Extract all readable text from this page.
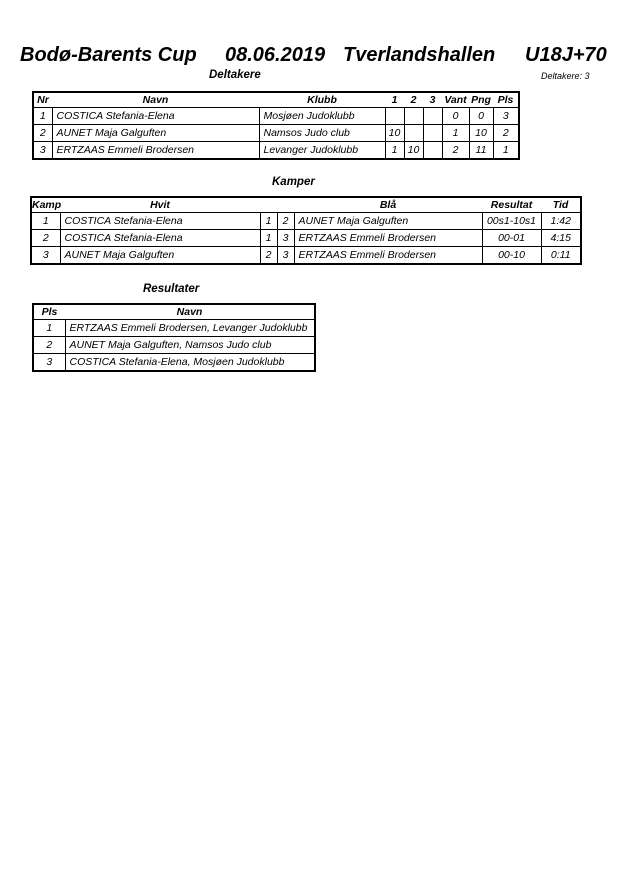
Bodø-Barents Cup 08.06.2019 Tverlandshallen U18J+70
Deltakere	Deltakere: 3
Nr	Navn	Klubb	1	2	3	Vant	Png	Pls
1	COSTICA Stefania-Elena	Mosjøen Judoklubb				0	0	3
2	AUNET Maja Galguften	Namsos Judo club	10			1	10	2
3	ERTZAAS Emmeli Brodersen	Levanger Judoklubb	1	10		2	11	1
Kamper
Kamp	Hvit			Blå	Resultat	Tid
1	COSTICA Stefania-Elena	1	2	AUNET Maja Galguften	00s1-10s1	1:42
2	COSTICA Stefania-Elena	1	3	ERTZAAS Emmeli Brodersen	00-01	4:15
3	AUNET Maja Galguften	2	3	ERTZAAS Emmeli Brodersen	00-10	0:11
Resultater
Pls	Navn
1	ERTZAAS Emmeli Brodersen, Levanger Judoklubb
2	AUNET Maja Galguften, Namsos Judo club
3	COSTICA Stefania-Elena, Mosjøen Judoklubb
